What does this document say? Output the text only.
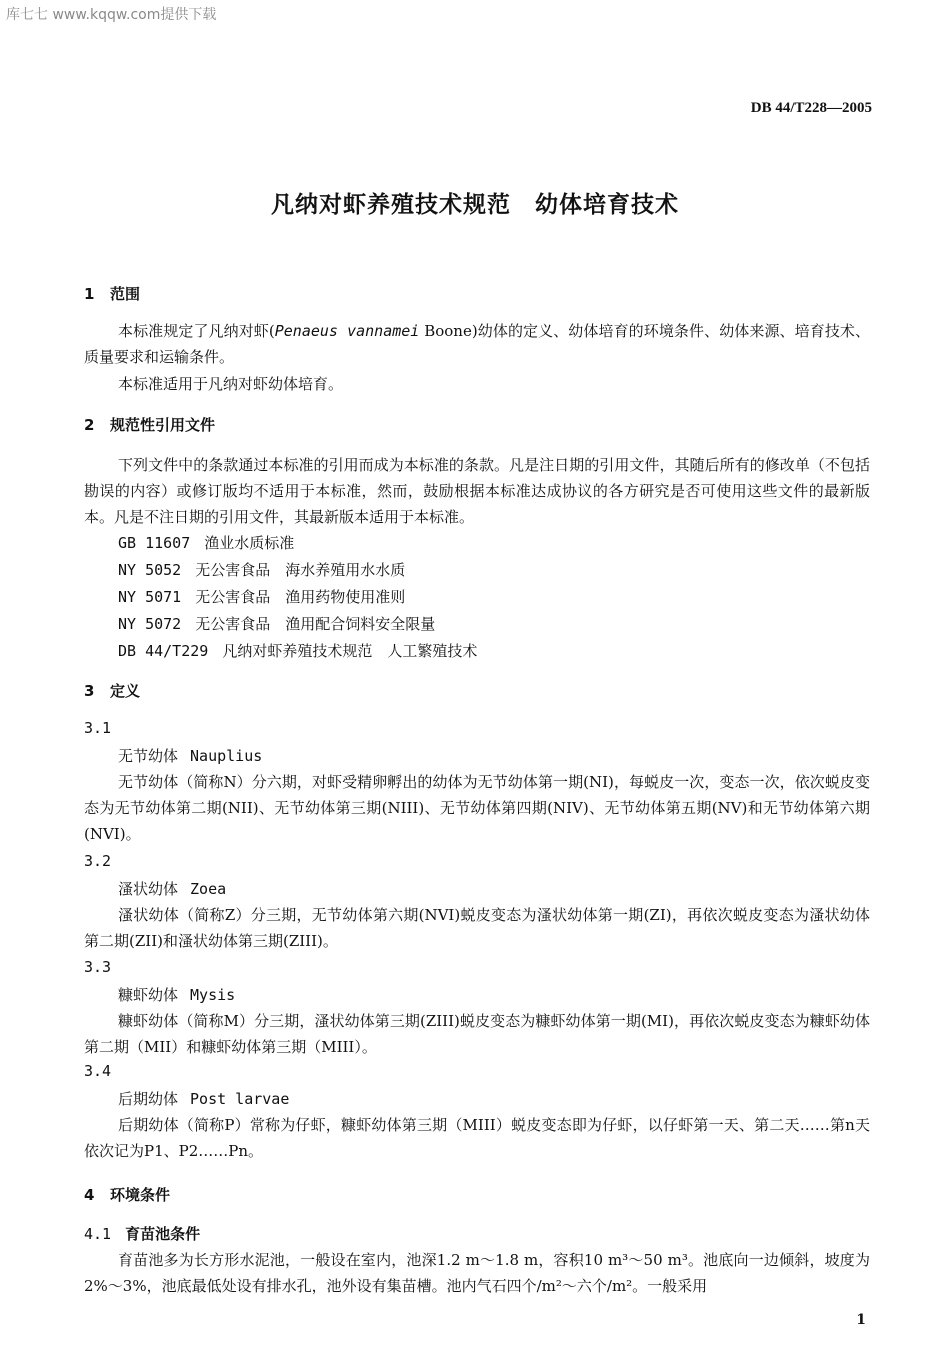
库七七 www.kqqw.com提供下载
DB 44/T228—2005
凡纳对虾养殖技术规范　幼体培育技术
1 范围
本标准规定了凡纳对虾(Penaeus vannamei Boone)幼体的定义、幼体培育的环境条件、幼体来源、培育技术、质量要求和运输条件。
本标准适用于凡纳对虾幼体培育。
2 规范性引用文件
下列文件中的条款通过本标准的引用而成为本标准的条款。凡是注日期的引用文件，其随后所有的修改单（不包括勘误的内容）或修订版均不适用于本标准，然而，鼓励根据本标准达成协议的各方研究是否可使用这些文件的最新版本。凡是不注日期的引用文件，其最新版本适用于本标准。
GB 11607 渔业水质标准
NY 5052 无公害食品　海水养殖用水水质
NY 5071 无公害食品　渔用药物使用准则
NY 5072 无公害食品　渔用配合饲料安全限量
DB 44/T229 凡纳对虾养殖技术规范　人工繁殖技术
3 定义
3.1
无节幼体 Nauplius
无节幼体（简称N）分六期，对虾受精卵孵出的幼体为无节幼体第一期(NI)，每蜕皮一次，变态一次，依次蜕皮变态为无节幼体第二期(NII)、无节幼体第三期(NIII)、无节幼体第四期(NIV)、无节幼体第五期(NV)和无节幼体第六期(NVI)。
3.2
溞状幼体 Zoea
溞状幼体（简称Z）分三期，无节幼体第六期(NVI)蜕皮变态为溞状幼体第一期(ZI)，再依次蜕皮变态为溞状幼体第二期(ZII)和溞状幼体第三期(ZIII)。
3.3
糠虾幼体 Mysis
糠虾幼体（简称M）分三期，溞状幼体第三期(ZIII)蜕皮变态为糠虾幼体第一期(MI)，再依次蜕皮变态为糠虾幼体第二期（MII）和糠虾幼体第三期（MIII）。
3.4
后期幼体 Post larvae
后期幼体（简称P）常称为仔虾，糠虾幼体第三期（MIII）蜕皮变态即为仔虾，以仔虾第一天、第二天……第n天依次记为P1、P2……Pn。
4 环境条件
4.1 育苗池条件
育苗池多为长方形水泥池，一般设在室内，池深1.2 m～1.8 m，容积10 m³～50 m³。池底向一边倾斜，坡度为2%～3%，池底最低处设有排水孔，池外设有集苗槽。池内气石四个/m²～六个/m²。一般采用
1
